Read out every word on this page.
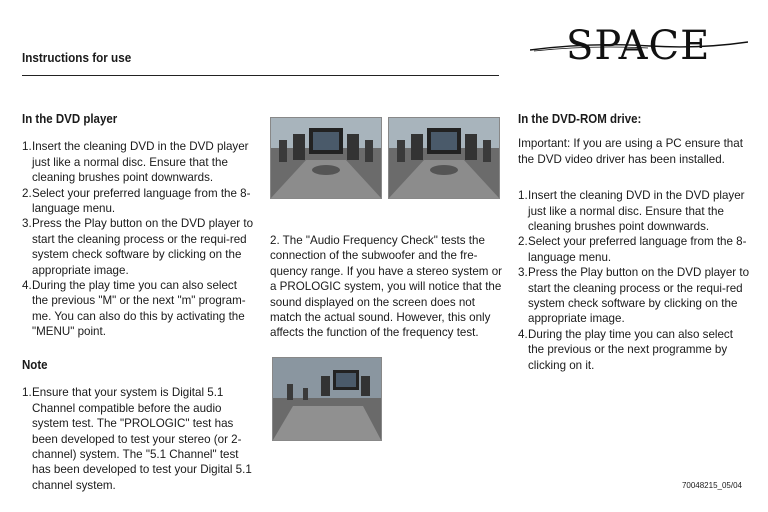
Instructions for use	SPACE
In the DVD player
1. Insert the cleaning DVD in the DVD player just like a normal disc. Ensure that the cleaning brushes point downwards.
2. Select your preferred language from the 8-language menu.
3. Press the Play button on the DVD player to start the cleaning process or the requi-red system check software by clicking on the appropriate image.
4. During the play time you can also select the previous "M" or the next "m" program-me. You can also do this by activating the "MENU" point.
Note
1. Ensure that your system is Digital 5.1 Channel compatible before the audio system test. The "PROLOGIC" test has been developed to test your stereo (or 2-channel) system. The "5.1 Channel" test has been developed to test your Digital 5.1 channel system.
2. The "Audio Frequency Check" tests the connection of the subwoofer and the fre-quency range. If you have a stereo system or a PROLOGIC system, you will notice that the sound displayed on the screen does not match the actual sound. However, this only affects the function of the frequency test.
In the DVD-ROM drive:
Important: If you are using a PC ensure that the DVD video driver has been installed.
1. Insert the cleaning DVD in the DVD player just like a normal disc. Ensure that the cleaning brushes point downwards.
2. Select your preferred language from the 8-language menu.
3. Press the Play button on the DVD player to start the cleaning process or the requi-red system check software by clicking on the appropriate image.
4. During the play time you can also select the previous or the next programme by clicking on it.
70048215_05/04
